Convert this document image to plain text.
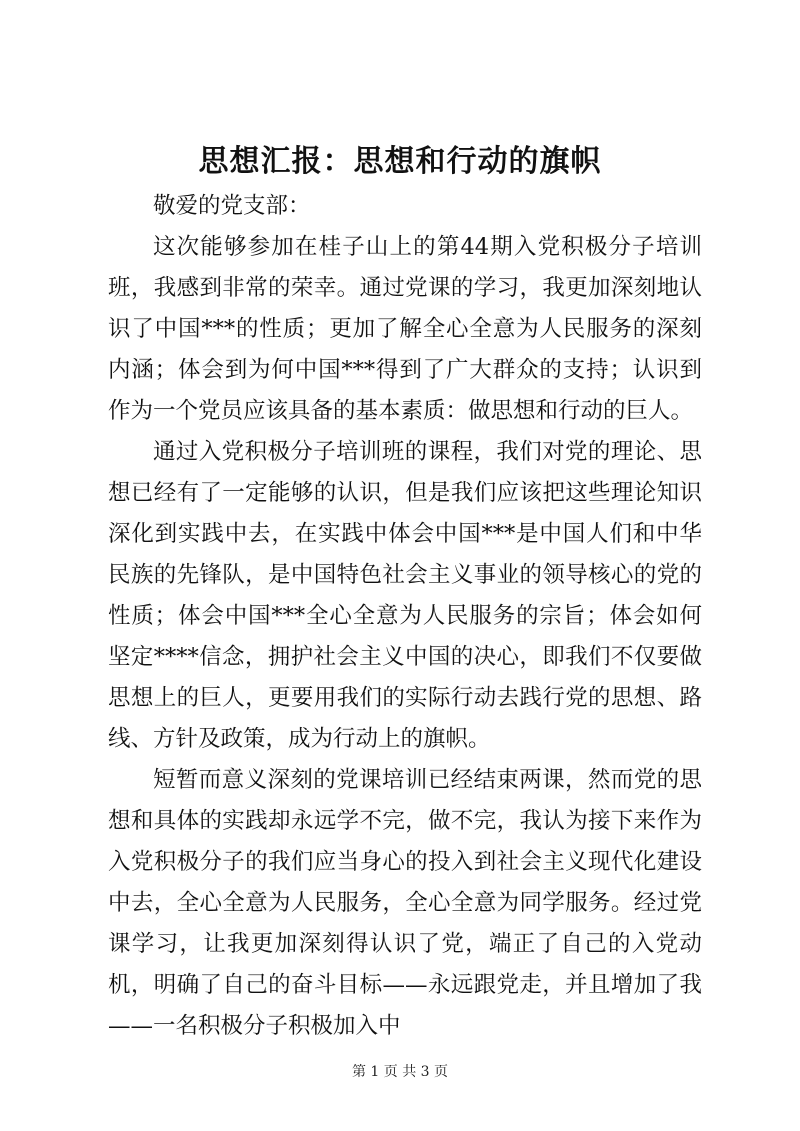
思想汇报：思想和行动的旗帜

敬爱的党支部：

这次能够参加在桂子山上的第44期入党积极分子培训班，我感到非常的荣幸。通过党课的学习，我更加深刻地认识了中国***的性质；更加了解全心全意为人民服务的深刻内涵；体会到为何中国***得到了广大群众的支持；认识到作为一个党员应该具备的基本素质：做思想和行动的巨人。

通过入党积极分子培训班的课程，我们对党的理论、思想已经有了一定能够的认识，但是我们应该把这些理论知识深化到实践中去，在实践中体会中国***是中国人们和中华民族的先锋队，是中国特色社会主义事业的领导核心的党的性质；体会中国***全心全意为人民服务的宗旨；体会如何坚定****信念，拥护社会主义中国的决心，即我们不仅要做思想上的巨人，更要用我们的实际行动去践行党的思想、路线、方针及政策，成为行动上的旗帜。

短暂而意义深刻的党课培训已经结束两课，然而党的思想和具体的实践却永远学不完，做不完，我认为接下来作为入党积极分子的我们应当身心的投入到社会主义现代化建设中去，全心全意为人民服务，全心全意为同学服务。经过党课学习，让我更加深刻得认识了党，端正了自己的入党动机，明确了自己的奋斗目标——永远跟党走，并且增加了我——一名积极分子积极加入中

第 1 页 共 3 页
